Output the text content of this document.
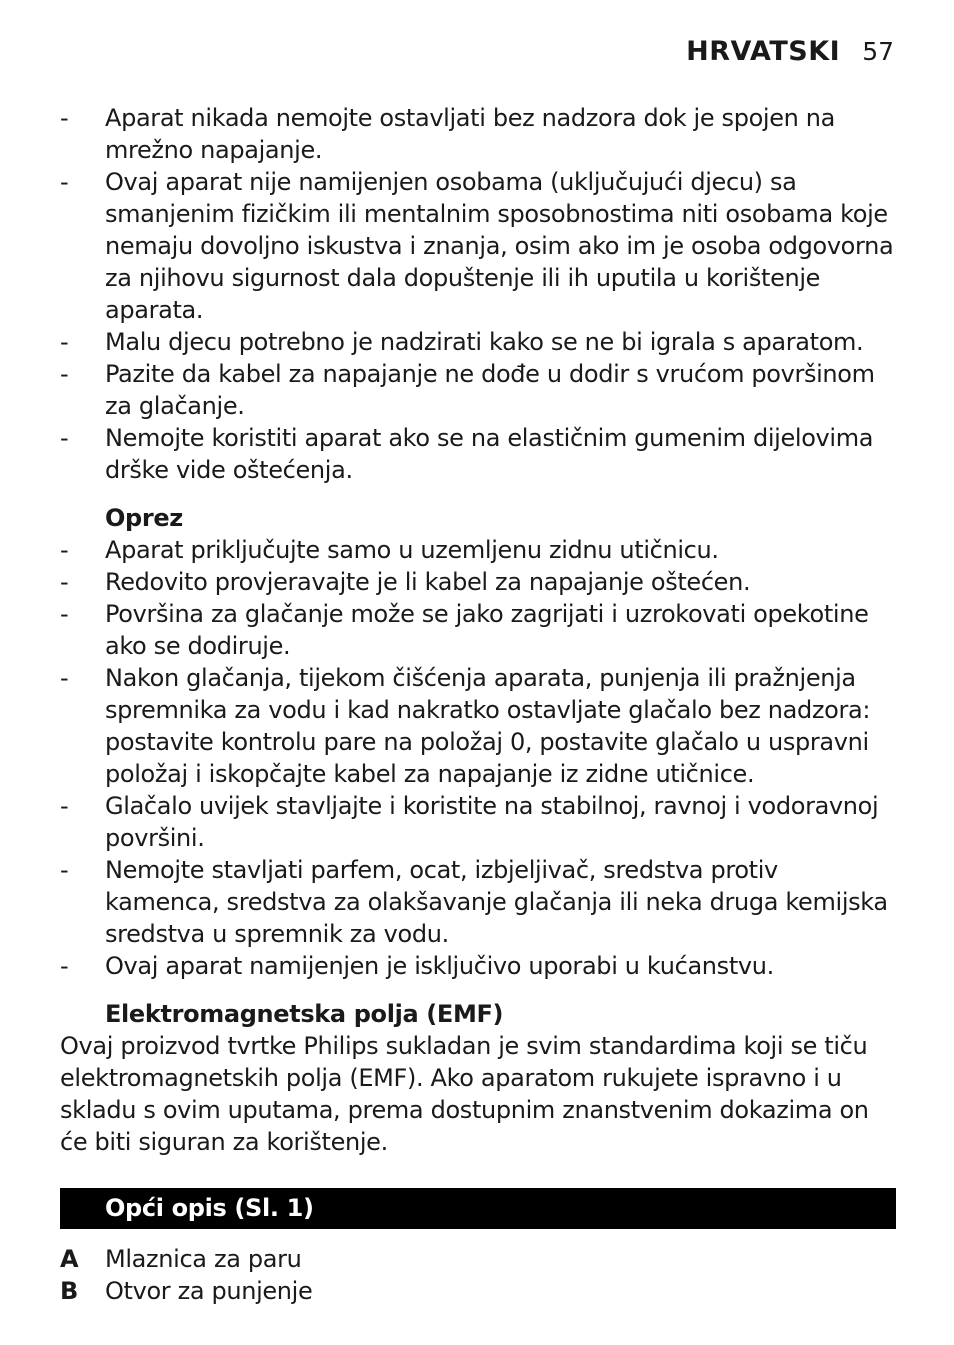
HRVATSKI 57
- Aparat nikada nemojte ostavljati bez nadzora dok je spojen na mrežno napajanje.
- Ovaj aparat nije namijenjen osobama (uključujući djecu) sa smanjenim fizičkim ili mentalnim sposobnostima niti osobama koje nemaju dovoljno iskustva i znanja, osim ako im je osoba odgovorna za njihovu sigurnost dala dopuštenje ili ih uputila u korištenje aparata.
- Malu djecu potrebno je nadzirati kako se ne bi igrala s aparatom.
- Pazite da kabel za napajanje ne dođe u dodir s vrućom površinom za glačanje.
- Nemojte koristiti aparat ako se na elastičnim gumenim dijelovima drške vide oštećenja.
Oprez
- Aparat priključujte samo u uzemljenu zidnu utičnicu.
- Redovito provjeravajte je li kabel za napajanje oštećen.
- Površina za glačanje može se jako zagrijati i uzrokovati opekotine ako se dodiruje.
- Nakon glačanja, tijekom čišćenja aparata, punjenja ili pražnjenja spremnika za vodu i kad nakratko ostavljate glačalo bez nadzora: postavite kontrolu pare na položaj 0, postavite glačalo u uspravni položaj i iskopčajte kabel za napajanje iz zidne utičnice.
- Glačalo uvijek stavljajte i koristite na stabilnoj, ravnoj i vodoravnoj površini.
- Nemojte stavljati parfem, ocat, izbjeljivač, sredstva protiv kamenca, sredstva za olakšavanje glačanja ili neka druga kemijska sredstva u spremnik za vodu.
- Ovaj aparat namijenjen je isključivo uporabi u kućanstvu.
Elektromagnetska polja (EMF)

Ovaj proizvod tvrtke Philips sukladan je svim standardima koji se tiču elektromagnetskih polja (EMF). Ako aparatom rukujete ispravno i u skladu s ovim uputama, prema dostupnim znanstvenim dokazima on će biti siguran za korištenje.

Opći opis (Sl. 1)
A	Mlaznica za paru
B	Otvor za punjenje
